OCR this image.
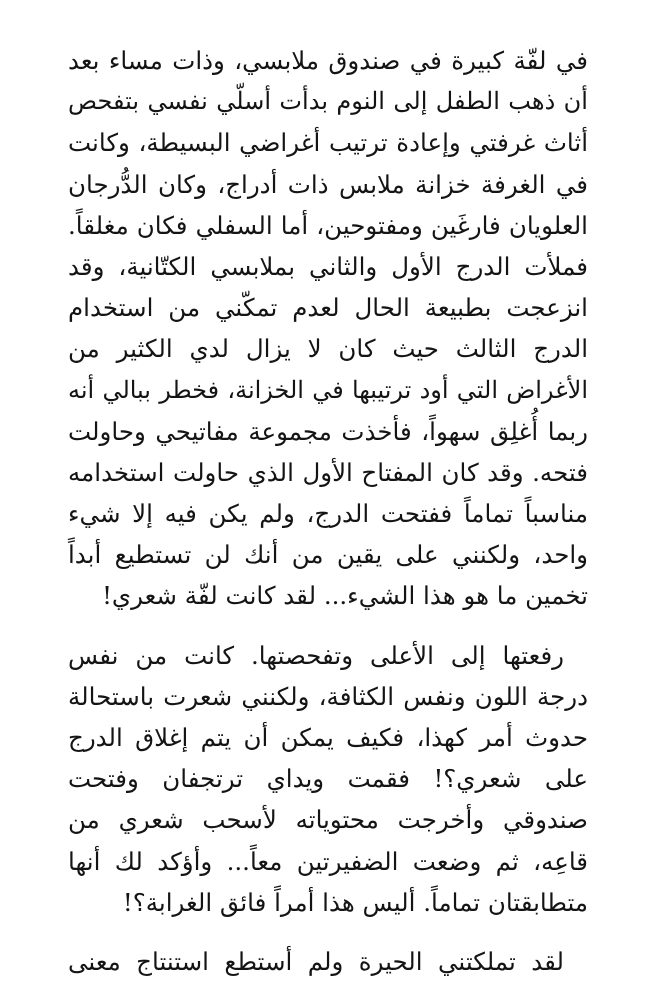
في لفّة كبيرة في صندوق ملابسي، وذات مساء بعد
أن ذهب الطفل إلى النوم بدأت أسلّي نفسي بتفحص
أثاث غرفتي وإعادة ترتيب أغراضي البسيطة، وكانت
في الغرفة خزانة ملابس ذات أدراج، وكان الدُّرجان
العلويان فارغَين ومفتوحين، أما السفلي فكان مغلقاً.
فملأت الدرج الأول والثاني بملابسي الكتّانية، وقد
انزعجت بطبيعة الحال لعدم تمكّني من استخدام
الدرج الثالث حيث كان لا يزال لدي الكثير من
الأغراض التي أود ترتيبها في الخزانة، فخطر ببالي أنه
ربما أُغلِق سهواً، فأخذت مجموعة مفاتيحي وحاولت
فتحه. وقد كان المفتاح الأول الذي حاولت استخدامه
مناسباً تماماً ففتحت الدرج، ولم يكن فيه إلا شيء
واحد، ولكنني على يقين من أنك لن تستطيع أبداً
تخمين ما هو هذا الشيء... لقد كانت لفّة شعري!

رفعتها إلى الأعلى وتفحصتها. كانت من نفس
درجة اللون ونفس الكثافة، ولكنني شعرت باستحالة
حدوث أمر كهذا، فكيف يمكن أن يتم إغلاق الدرج
على شعري؟! فقمت ويداي ترتجفان وفتحت
صندوقي وأخرجت محتوياته لأسحب شعري من
قاعِه، ثم وضعت الضفيرتين معاً... وأؤكد لك أنها
متطابقتان تماماً. أليس هذا أمراً فائق الغرابة؟!

لقد تملكتني الحيرة ولم أستطع استنتاج معنى
